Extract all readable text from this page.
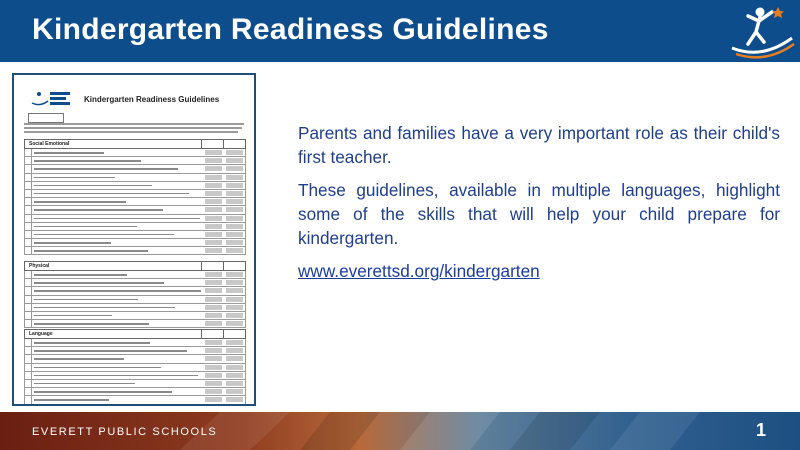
Kindergarten Readiness Guidelines
Kindergarten Readiness Guidelines
Social Emotional
Physical
Language

Parents and families have a very important role as their child's first teacher.

These guidelines, available in multiple languages, highlight some of the skills that will help your child prepare for kindergarten.

www.everettsd.org/kindergarten

EVERETT PUBLIC SCHOOLS	1
